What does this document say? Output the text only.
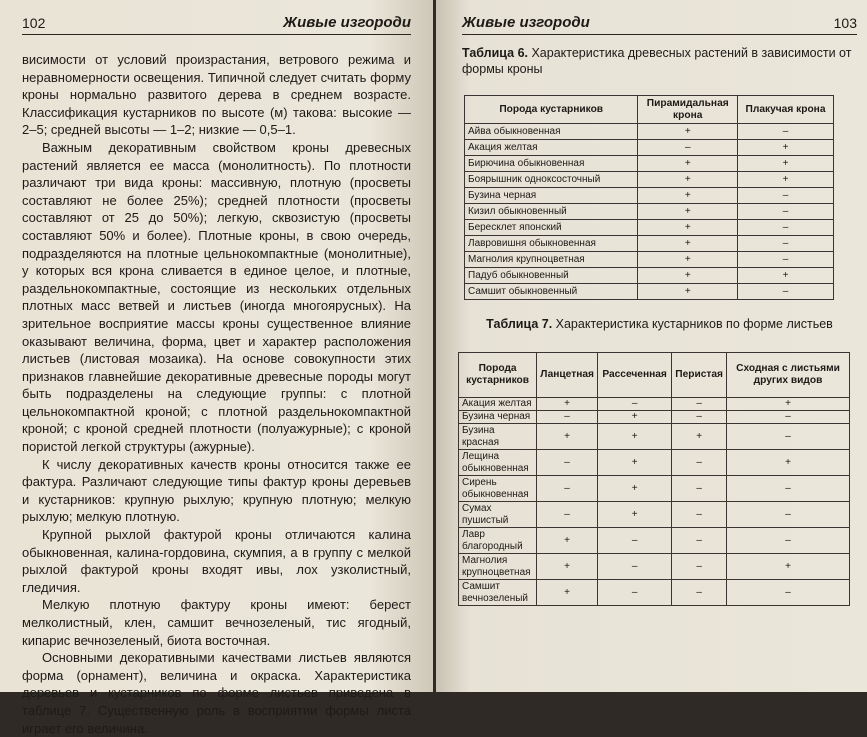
102	Живые изгороди

висимости от условий произрастания, ветрового режима и неравномерности освещения. Типичной следует считать форму кроны нормально развитого дерева в среднем возрасте. Классификация кустарников по высоте (м) такова: высокие — 2–5; средней высоты — 1–2; низкие — 0,5–1.

Важным декоративным свойством кроны древесных растений является ее масса (монолитность). По плотности различают три вида кроны: массивную, плотную (просветы составляют не более 25%); средней плотности (просветы составляют от 25 до 50%); легкую, сквозистую (просветы составляют 50% и более). Плотные кроны, в свою очередь, подразделяются на плотные цельнокомпактные (монолитные), у которых вся крона сливается в единое целое, и плотные, раздельнокомпактные, состоящие из нескольких отдельных плотных масс ветвей и листьев (иногда многоярусных). На зрительное восприятие массы кроны существенное влияние оказывают величина, форма, цвет и характер расположения листьев (листовая мозаика). На основе совокупности этих признаков главнейшие декоративные древесные породы могут быть подразделены на следующие группы: с плотной цельнокомпактной кроной; с плотной раздельнокомпактной кроной; с кроной средней плотности (полуажурные); с кроной пористой легкой структуры (ажурные).

К числу декоративных качеств кроны относится также ее фактура. Различают следующие типы фактур кроны деревьев и кустарников: крупную рыхлую; крупную плотную; мелкую рыхлую; мелкую плотную.

Крупной рыхлой фактурой кроны отличаются калина обыкновенная, калина-гордовина, скумпия, а в группу с мелкой рыхлой фактурой кроны входят ивы, лох узколистный, гледичия.

Мелкую плотную фактуру кроны имеют: берест мелколистный, клен, самшит вечнозеленый, тис ягодный, кипарис вечнозеленый, биота восточная.

Основными декоративными качествами листьев являются форма (орнамент), величина и окраска. Характеристика деревьев и кустарников по форме листьев приведена в таблице 7. Существенную роль в восприятии формы листа играет его величина.

Живые изгороди	103
Таблица 6. Характеристика древесных растений в зависимости от формы кроны
Порода кустарников	Пирамидальная крона	Плакучая крона
Айва обыкновенная	+	–
Акация желтая	–	+
Бирючина обыкновенная	+	+
Боярышник одноксосточный	+	+
Бузина черная	+	–
Кизил обыкновенный	+	–
Бересклет японский	+	–
Лавровишня обыкновенная	+	–
Магнолия крупноцветная	+	–
Падуб обыкновенный	+	+
Самшит обыкновенный	+	–
Таблица 7. Характеристика кустарников по форме листьев
Порода кустарников	Ланцетная	Рассеченная	Перистая	Сходная с листьями других видов
Акация желтая	+	–	–	+
Бузина черная	–	+	–	–
Бузина красная	+	+	+	–
Лещина обыкновенная	–	+	–	+
Сирень обыкновенная	–	+	–	–
Сумах пушистый	–	+	–	–
Лавр благородный	+	–	–	–
Магнолия крупноцветная	+	–	–	+
Самшит вечнозеленый	+	–	–	–
